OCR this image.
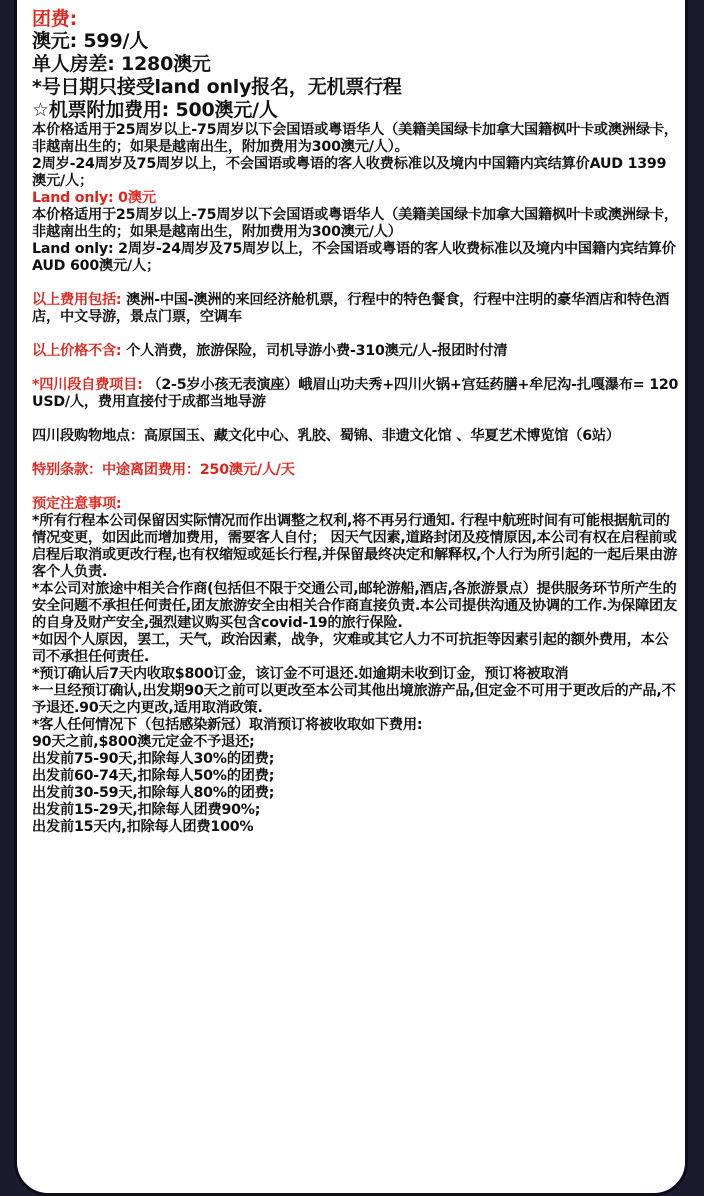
团费:

澳元: 599/人

单人房差: 1280澳元

*号日期只接受land only报名，无机票行程

☆机票附加费用: 500澳元/人

本价格适用于25周岁以上-75周岁以下会国语或粤语华人（美籍美国绿卡加拿大国籍枫叶卡或澳洲绿卡，非越南出生的；如果是越南出生，附加费用为300澳元/人）。

2周岁-24周岁及75周岁以上，不会国语或粤语的客人收费标准以及境内中国籍内宾结算价AUD 1399澳元/人；

Land only: 0澳元

本价格适用于25周岁以上-75周岁以下会国语或粤语华人（美籍美国绿卡加拿大国籍枫叶卡或澳洲绿卡，非越南出生的；如果是越南出生，附加费用为300澳元/人）

Land only: 2周岁-24周岁及75周岁以上，不会国语或粤语的客人收费标准以及境内中国籍内宾结算价AUD 600澳元/人；

以上费用包括: 澳洲-中国-澳洲的来回经济舱机票，行程中的特色餐食，行程中注明的豪华酒店和特色酒店，中文导游，景点门票，空调车

以上价格不含: 个人消费，旅游保险，司机导游小费-310澳元/人-报团时付清

*四川段自费项目: （2-5岁小孩无表演座）峨眉山功夫秀+四川火锅+宫廷药膳+牟尼沟-扎嘎瀑布= 120 USD/人，费用直接付于成都当地导游

四川段购物地点：高原国玉、藏文化中心、乳胶、蜀锦、非遗文化馆 、华夏艺术博览馆（6站）

特别条款：中途离团费用：250澳元/人/天

预定注意事项:

*所有行程本公司保留因实际情况而作出调整之权利,将不再另行通知. 行程中航班时间有可能根据航司的情况变更，如因此而增加费用，需要客人自付； 因天气因素,道路封闭及疫情原因,本公司有权在启程前或启程后取消或更改行程,也有权缩短或延长行程,并保留最终决定和解释权,个人行为所引起的一起后果由游客个人负责.

*本公司对旅途中相关合作商(包括但不限于交通公司,邮轮游船,酒店,各旅游景点）提供服务环节所产生的安全问题不承担任何责任,团友旅游安全由相关合作商直接负责.本公司提供沟通及协调的工作.为保障团友的自身及财产安全,强烈建议购买包含covid-19的旅行保险.

*如因个人原因，罢工，天气，政治因素，战争，灾难或其它人力不可抗拒等因素引起的额外费用，本公司不承担任何责任.

*预订确认后7天内收取$800订金，该订金不可退还.如逾期未收到订金，预订将被取消

*一旦经预订确认,出发期90天之前可以更改至本公司其他出境旅游产品,但定金不可用于更改后的产品,不予退还.90天之内更改,适用取消政策.

*客人任何情况下（包括感染新冠）取消预订将被收取如下费用:

90天之前,$800澳元定金不予退还;

出发前75-90天,扣除每人30%的团费;

出发前60-74天,扣除每人50%的团费;

出发前30-59天,扣除每人80%的团费;

出发前15-29天,扣除每人团费90%;

出发前15天内,扣除每人团费100%
